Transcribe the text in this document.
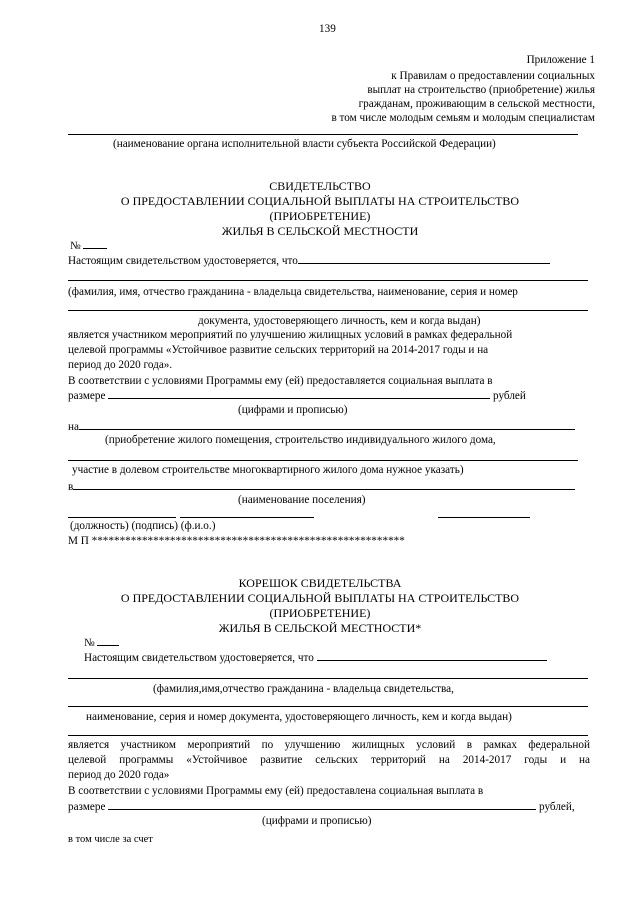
139
Приложение 1
к Правилам о предоставлении социальных
выплат на строительство (приобретение) жилья
гражданам, проживающим в сельской местности,
в том числе молодым семьям и молодым специалистам
(наименование органа исполнительной власти субъекта Российской Федерации)
СВИДЕТЕЛЬСТВО
О ПРЕДОСТАВЛЕНИИ СОЦИАЛЬНОЙ ВЫПЛАТЫ НА СТРОИТЕЛЬСТВО
(ПРИОБРЕТЕНИЕ)
ЖИЛЬЯ В СЕЛЬСКОЙ МЕСТНОСТИ
№
Настоящим свидетельством удостоверяется, что
(фамилия, имя, отчество гражданина - владельца свидетельства, наименование, серия и номер
документа, удостоверяющего личность, кем и когда выдан)
является участником мероприятий по улучшению жилищных условий в рамках федеральной
целевой программы «Устойчивое развитие сельских территорий на 2014-2017 годы и на
период до 2020 года».
В соответствии с условиями Программы ему (ей) предоставляется социальная выплата в
размере	рублей
(цифрами и прописью)
на
(приобретение жилого помещения, строительство индивидуального жилого дома,
участие в долевом строительстве многоквартирного жилого дома нужное указать)
в
(наименование поселения)
(должность) (подпись) (ф.и.о.)
М П ********************************************************
КОРЕШОК СВИДЕТЕЛЬСТВА
О ПРЕДОСТАВЛЕНИИ СОЦИАЛЬНОЙ ВЫПЛАТЫ НА СТРОИТЕЛЬСТВО
(ПРИОБРЕТЕНИЕ)
ЖИЛЬЯ В СЕЛЬСКОЙ МЕСТНОСТИ*
№
Настоящим свидетельством удостоверяется, что
(фамилия,имя,отчество гражданина - владельца свидетельства,
наименование, серия и номер документа, удостоверяющего личность, кем и когда выдан)
является участником мероприятий по улучшению жилищных условий в рамках федеральной
целевой программы «Устойчивое развитие сельских территорий на 2014-2017 годы и на
период до 2020 года»
В соответствии с условиями Программы ему (ей) предоставлена социальная выплата в
размере	рублей,
(цифрами и прописью)
в том числе за счет
